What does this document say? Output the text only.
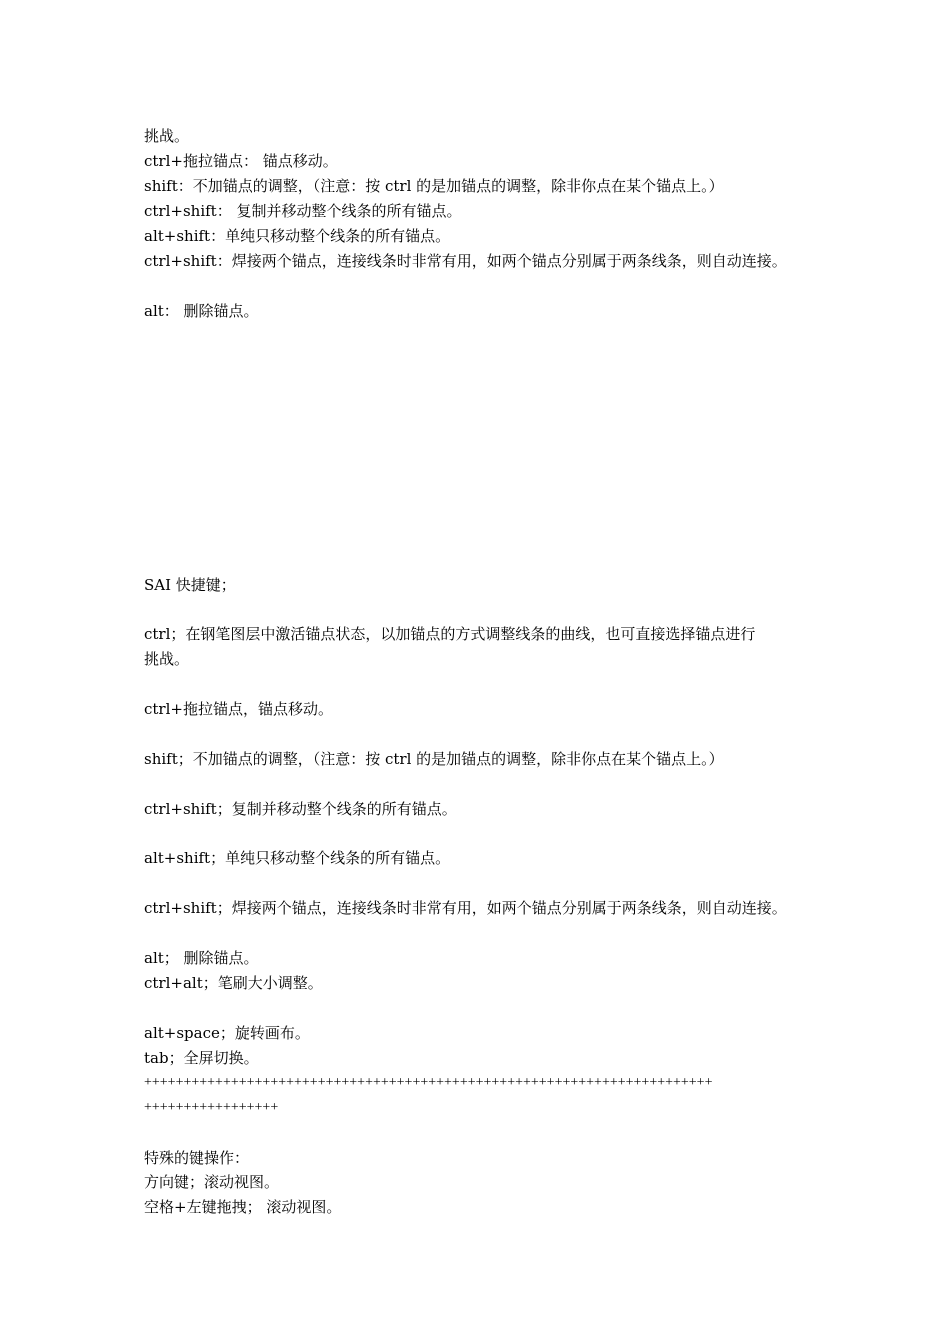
挑战。
ctrl+拖拉锚点： 锚点移动。
shift：不加锚点的调整，（注意：按 ctrl 的是加锚点的调整，除非你点在某个锚点上。）
ctrl+shift： 复制并移动整个线条的所有锚点。
alt+shift：单纯只移动整个线条的所有锚点。
ctrl+shift：焊接两个锚点，连接线条时非常有用，如两个锚点分别属于两条线条，则自动连接。
alt： 删除锚点。
SAI 快捷键；
ctrl；在钢笔图层中激活锚点状态，以加锚点的方式调整线条的曲线，也可直接选择锚点进行
挑战。
ctrl+拖拉锚点，锚点移动。
shift；不加锚点的调整，（注意：按 ctrl 的是加锚点的调整，除非你点在某个锚点上。）
ctrl+shift；复制并移动整个线条的所有锚点。
alt+shift；单纯只移动整个线条的所有锚点。
ctrl+shift；焊接两个锚点，连接线条时非常有用，如两个锚点分别属于两条线条，则自动连接。
alt； 删除锚点。
ctrl+alt；笔刷大小调整。
alt+space；旋转画布。
tab；全屏切换。
++++++++++++++++++++++++++++++++++++++++++++++++++++++++++++++++++++++++
+++++++++++++++++
特殊的键操作：
方向键；滚动视图。
空格+左键拖拽； 滚动视图。
